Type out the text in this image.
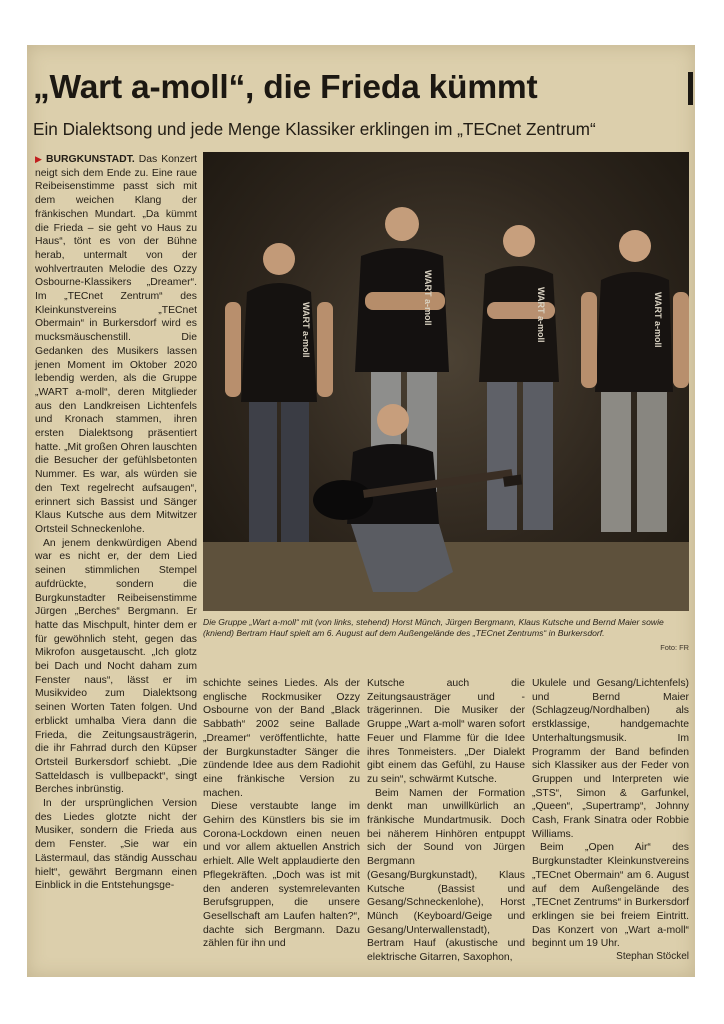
„Wart a-moll“, die Frieda kümmt
Ein Dialektsong und jede Menge Klassiker erklingen im „TECnet Zentrum“

▶ BURGKUNSTADT. Das Konzert neigt sich dem Ende zu. Eine raue Reibeisenstimme passt sich mit dem weichen Klang der fränkischen Mundart. „Da kümmt die Frieda – sie geht vo Haus zu Haus“, tönt es von der Bühne herab, untermalt von der wohlvertrauten Melodie des Ozzy Osbourne-Klassikers „Dreamer“. Im „TECnet Zentrum“ des Kleinkunstvereins „TECnet Obermain“ in Burkersdorf wird es mucksmäuschenstill. Die Gedanken des Musikers lassen jenen Moment im Oktober 2020 lebendig werden, als die Gruppe „WART a-moll“, deren Mitglieder aus den Landkreisen Lichtenfels und Kronach stammen, ihren ersten Dialektsong präsentiert hatte. „Mit großen Ohren lauschten die Besucher der gefühlsbetonten Nummer. Es war, als würden sie den Text regelrecht aufsaugen“, erinnert sich Bassist und Sänger Klaus Kutsche aus dem Mitwitzer Ortsteil Schneckenlohe.

An jenem denkwürdigen Abend war es nicht er, der dem Lied seinen stimmlichen Stempel aufdrückte, sondern die Burgkunstadter Reibeisenstimme Jürgen „Berches“ Bergmann. Er hatte das Mischpult, hinter dem er für gewöhnlich steht, gegen das Mikrofon ausgetauscht. „Ich glotz bei Dach und Nocht daham zum Fenster naus“, lässt er im Musikvideo zum Dialektsong seinen Worten Taten folgen. Und erblickt umhalba Viera dann die Frieda, die Zeitungsausträgerin, die ihr Fahrrad durch den Küpser Ortsteil Burkersdorf schiebt. „Die Satteldasch is vullbepackt“, singt Berches inbrünstig.

In der ursprünglichen Version des Liedes glotzte nicht der Musiker, sondern die Frieda aus dem Fenster. „Sie war ein Lästermaul, das ständig Ausschau hielt“, gewährt Bergmann einen Einblick in die Entstehungsge-

WART a-moll
WART a-moll	WART a-moll	WART a-moll
Die Gruppe „Wart a-moll“ mit (von links, stehend) Horst Münch, Jürgen Bergmann, Klaus Kutsche und Bernd Maier sowie (kniend) Bertram Hauf spielt am 6. August auf dem Außengelände des „TECnet Zentrums“ in Burkersdorf.
Foto: FR

schichte seines Liedes. Als der englische Rockmusiker Ozzy Osbourne von der Band „Black Sabbath“ 2002 seine Ballade „Dreamer“ veröffentlichte, hatte der Burgkunstadter Sänger die zündende Idee aus dem Radiohit eine fränkische Version zu machen.

Diese verstaubte lange im Gehirn des Künstlers bis sie im Corona-Lockdown einen neuen und vor allem aktuellen Anstrich erhielt. Alle Welt applaudierte den Pflegekräften. „Doch was ist mit den anderen systemrelevanten Berufsgruppen, die unsere Gesellschaft am Laufen halten?“, dachte sich Bergmann. Dazu zählen für ihn und

Kutsche auch die Zeitungsausträger und -trägerinnen. Die Musiker der Gruppe „Wart a-moll“ waren sofort Feuer und Flamme für die Idee ihres Tonmeisters. „Der Dialekt gibt einem das Gefühl, zu Hause zu sein“, schwärmt Kutsche.

Beim Namen der Formation denkt man unwillkürlich an fränkische Mundartmusik. Doch bei näherem Hinhören entpuppt sich der Sound von Jürgen Bergmann (Gesang/Burgkunstadt), Klaus Kutsche (Bassist und Gesang/Schneckenlohe), Horst Münch (Keyboard/Geige und Gesang/Unterwallenstadt), Bertram Hauf (akustische und elektrische Gitarren, Saxophon,

Ukulele und Gesang/Lichtenfels) und Bernd Maier (Schlagzeug/Nordhalben) als erstklassige, handgemachte Unterhaltungsmusik. Im Programm der Band befinden sich Klassiker aus der Feder von Gruppen und Interpreten wie „STS“, Simon & Garfunkel, „Queen“, „Supertramp“, Johnny Cash, Frank Sinatra oder Robbie Williams.

Beim „Open Air“ des Burgkunstadter Kleinkunstvereins „TECnet Obermain“ am 6. August auf dem Außengelände des „TECnet Zentrums“ in Burkersdorf erklingen sie bei freiem Eintritt. Das Konzert von „Wart a-moll“ beginnt um 19 Uhr.

Stephan Stöckel
